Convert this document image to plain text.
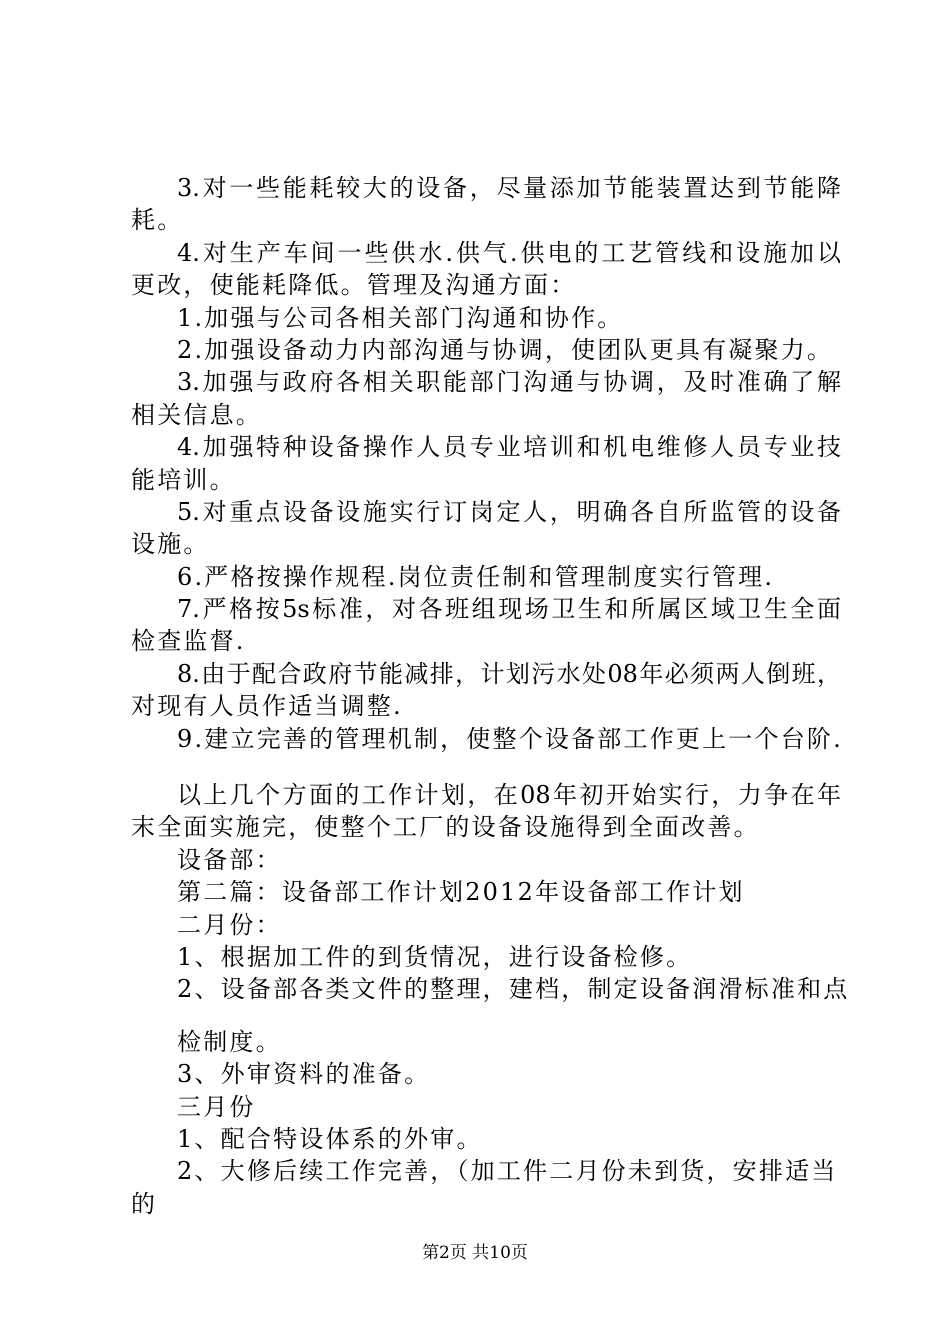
3.对一些能耗较大的设备，尽量添加节能装置达到节能降
耗。
4.对生产车间一些供水.供气.供电的工艺管线和设施加以
更改，使能耗降低。管理及沟通方面：
1.加强与公司各相关部门沟通和协作。
2.加强设备动力内部沟通与协调，使团队更具有凝聚力。
3.加强与政府各相关职能部门沟通与协调，及时准确了解
相关信息。
4.加强特种设备操作人员专业培训和机电维修人员专业技
能培训。
5.对重点设备设施实行订岗定人，明确各自所监管的设备
设施。
6.严格按操作规程.岗位责任制和管理制度实行管理.
7.严格按5s标准，对各班组现场卫生和所属区域卫生全面
检查监督.
8.由于配合政府节能减排，计划污水处08年必须两人倒班，
对现有人员作适当调整.
9.建立完善的管理机制，使整个设备部工作更上一个台阶.
以上几个方面的工作计划，在08年初开始实行，力争在年
末全面实施完，使整个工厂的设备设施得到全面改善。
设备部：
第二篇：设备部工作计划2012年设备部工作计划
二月份：
1、根据加工件的到货情况，进行设备检修。
2、设备部各类文件的整理，建档，制定设备润滑标准和点
检制度。
3、外审资料的准备。
三月份
1、配合特设体系的外审。
2、大修后续工作完善，（加工件二月份未到货，安排适当
的
第2页 共10页
